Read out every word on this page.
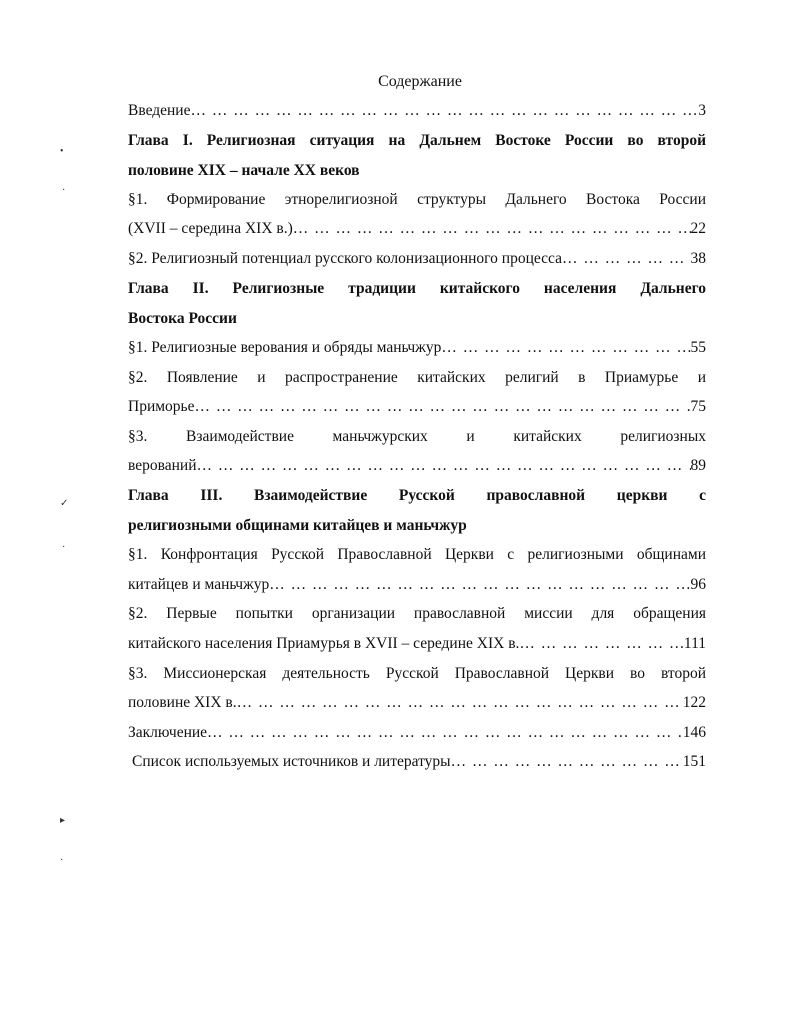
Содержание
Введение … … … … … … … … … … … … … … … … … … … … … … … … … … … … … … … … … … … … … … … … … … … … … … … … … … … … … … … … … …	3
Глава I. Религиозная ситуация на Дальнем Востоке России во второй
половине XIX – начале XX веков
§1. Формирование этнорелигиозной структуры Дальнего Востока России
(XVII – середина XIX в.) … … … … … … … … … … … … … … … … … … … … … … … … … … … … … … … … … … … … … … … … … … … … … … … … … … … … … … … … … …	22
§2. Религиозный потенциал русского колонизационного процесса … … … … … … … … … … … … … … … … … … … … … … … … … … … … … … … … … … … … … … … … … … … … … … … … … … … … … … … … … …	38
Глава II. Религиозные традиции китайского населения Дальнего
Востока России
§1. Религиозные верования и обряды маньчжур … … … … … … … … … … … … … … … … … … … … … … … … … … … … … … … … … … … … … … … … … … … … … … … … … … … … … … … … … …	55
§2. Появление и распространение китайских религий в Приамурье и
Приморье … … … … … … … … … … … … … … … … … … … … … … … … … … … … … … … … … … … … … … … … … … … … … … … … … … … … … … … … … …	75
§3. Взаимодействие маньчжурских и китайских религиозных
верований … … … … … … … … … … … … … … … … … … … … … … … … … … … … … … … … … … … … … … … … … … … … … … … … … … … … … … … … … …	89
Глава III. Взаимодействие Русской православной церкви с
религиозными общинами китайцев и маньчжур
§1. Конфронтация Русской Православной Церкви с религиозными общинами
китайцев и маньчжур … … … … … … … … … … … … … … … … … … … … … … … … … … … … … … … … … … … … … … … … … … … … … … … … … … … … … … … … … …	96
§2. Первые попытки организации православной миссии для обращения
китайского населения Приамурья в XVII – середине XIX в. … … … … … … … … … … … … … … … … … … … … … … … … … … … … … … … … … … … … … … … … … … … … … … … … … … … … … … … … … …	111
§3. Миссионерская деятельность Русской Православной Церкви во второй
половине XIX в. … … … … … … … … … … … … … … … … … … … … … … … … … … … … … … … … … … … … … … … … … … … … … … … … … … … … … … … … … …	122
Заключение … … … … … … … … … … … … … … … … … … … … … … … … … … … … … … … … … … … … … … … … … … … … … … … … … … … … … … … … … …	146
Список используемых источников и литературы … … … … … … … … … … … … … … … … … … … … … … … … … … … … … … … … … … … … … … … … … … … … … … … … … … … … … … … … … …	151
•
·
✓
·
▸
·
